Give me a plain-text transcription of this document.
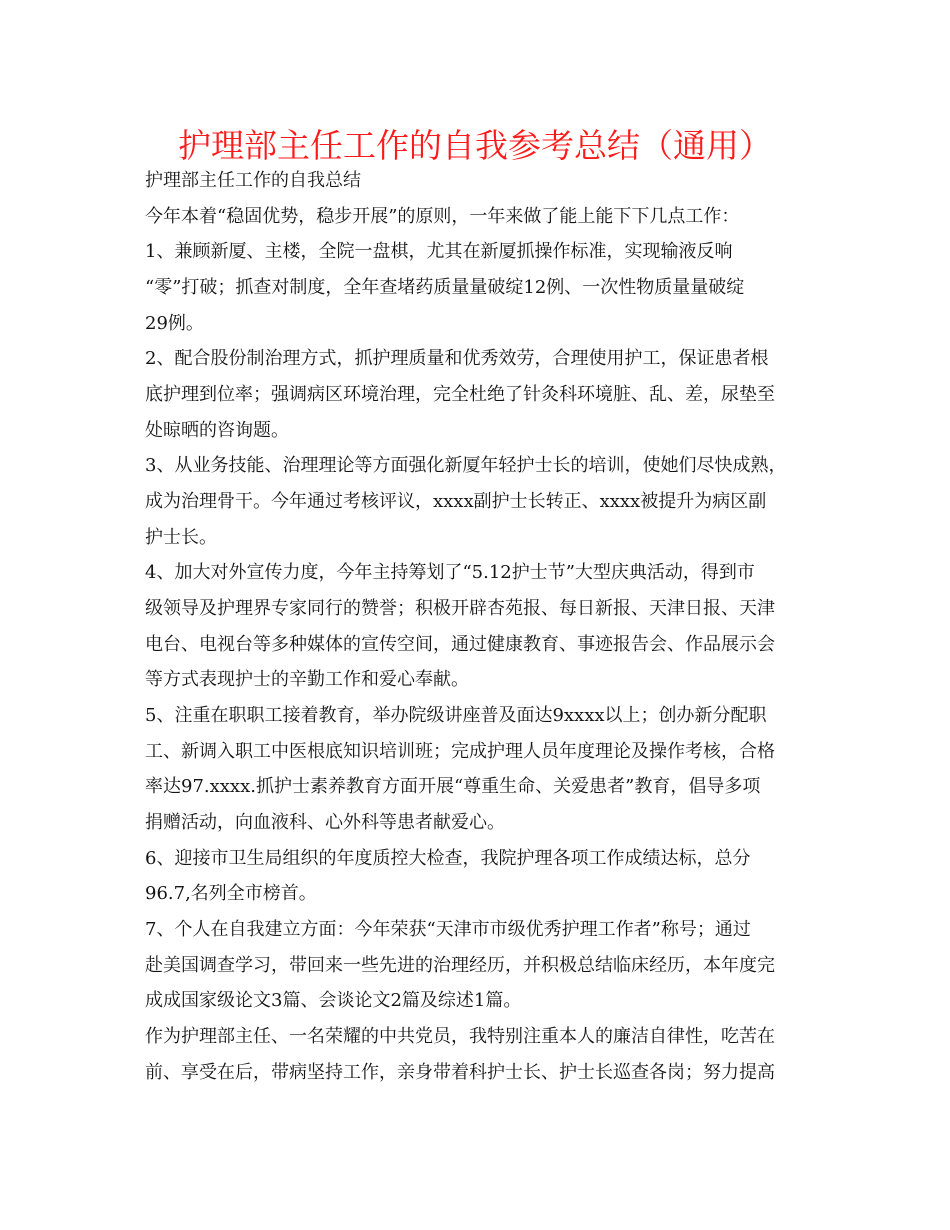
护理部主任工作的自我参考总结（通用）
护理部主任工作的自我总结
今年本着“稳固优势，稳步开展”的原则，一年来做了能上能下下几点工作：
1、兼顾新厦、主楼，全院一盘棋，尤其在新厦抓操作标准，实现输液反响
“零”打破；抓查对制度，全年查堵药质量量破绽12例、一次性物质量量破绽
29例。
2、配合股份制治理方式，抓护理质量和优秀效劳，合理使用护工，保证患者根
底护理到位率；强调病区环境治理，完全杜绝了针灸科环境脏、乱、差，尿垫至
处晾晒的咨询题。
3、从业务技能、治理理论等方面强化新厦年轻护士长的培训，使她们尽快成熟，
成为治理骨干。今年通过考核评议，xxxx副护士长转正、xxxx被提升为病区副
护士长。
4、加大对外宣传力度，今年主持筹划了“5.12护士节”大型庆典活动，得到市
级领导及护理界专家同行的赞誉；积极开辟杏苑报、每日新报、天津日报、天津
电台、电视台等多种媒体的宣传空间，通过健康教育、事迹报告会、作品展示会
等方式表现护士的辛勤工作和爱心奉献。
5、注重在职职工接着教育，举办院级讲座普及面达9xxxx以上；创办新分配职
工、新调入职工中医根底知识培训班；完成护理人员年度理论及操作考核，合格
率达97.xxxx.抓护士素养教育方面开展“尊重生命、关爱患者”教育，倡导多项
捐赠活动，向血液科、心外科等患者献爱心。
6、迎接市卫生局组织的年度质控大检查，我院护理各项工作成绩达标，总分
96.7,名列全市榜首。
7、个人在自我建立方面：今年荣获“天津市市级优秀护理工作者”称号；通过
赴美国调查学习，带回来一些先进的治理经历，并积极总结临床经历，本年度完
成成国家级论文3篇、会谈论文2篇及综述1篇。
作为护理部主任、一名荣耀的中共党员，我特别注重本人的廉洁自律性，吃苦在
前、享受在后，带病坚持工作，亲身带着科护士长、护士长巡查各岗；努力提高
